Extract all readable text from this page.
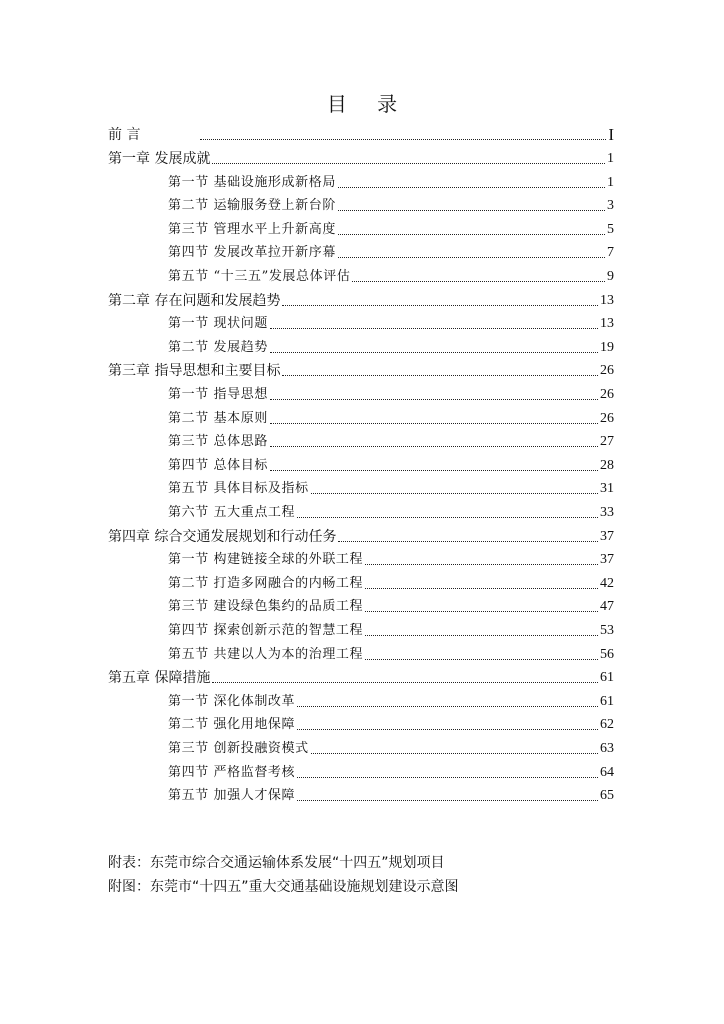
目 录
前 言	I
第一章 发展成就	1
第一节 基础设施形成新格局	1
第二节 运输服务登上新台阶	3
第三节 管理水平上升新高度	5
第四节 发展改革拉开新序幕	7
第五节 “十三五”发展总体评估	9
第二章 存在问题和发展趋势	13
第一节 现状问题	13
第二节 发展趋势	19
第三章 指导思想和主要目标	26
第一节 指导思想	26
第二节 基本原则	26
第三节 总体思路	27
第四节 总体目标	28
第五节 具体目标及指标	31
第六节 五大重点工程	33
第四章 综合交通发展规划和行动任务	37
第一节 构建链接全球的外联工程	37
第二节 打造多网融合的内畅工程	42
第三节 建设绿色集约的品质工程	47
第四节 探索创新示范的智慧工程	53
第五节 共建以人为本的治理工程	56
第五章 保障措施	61
第一节 深化体制改革	61
第二节 强化用地保障	62
第三节 创新投融资模式	63
第四节 严格监督考核	64
第五节 加强人才保障	65
附表：东莞市综合交通运输体系发展“十四五”规划项目
附图：东莞市“十四五”重大交通基础设施规划建设示意图
